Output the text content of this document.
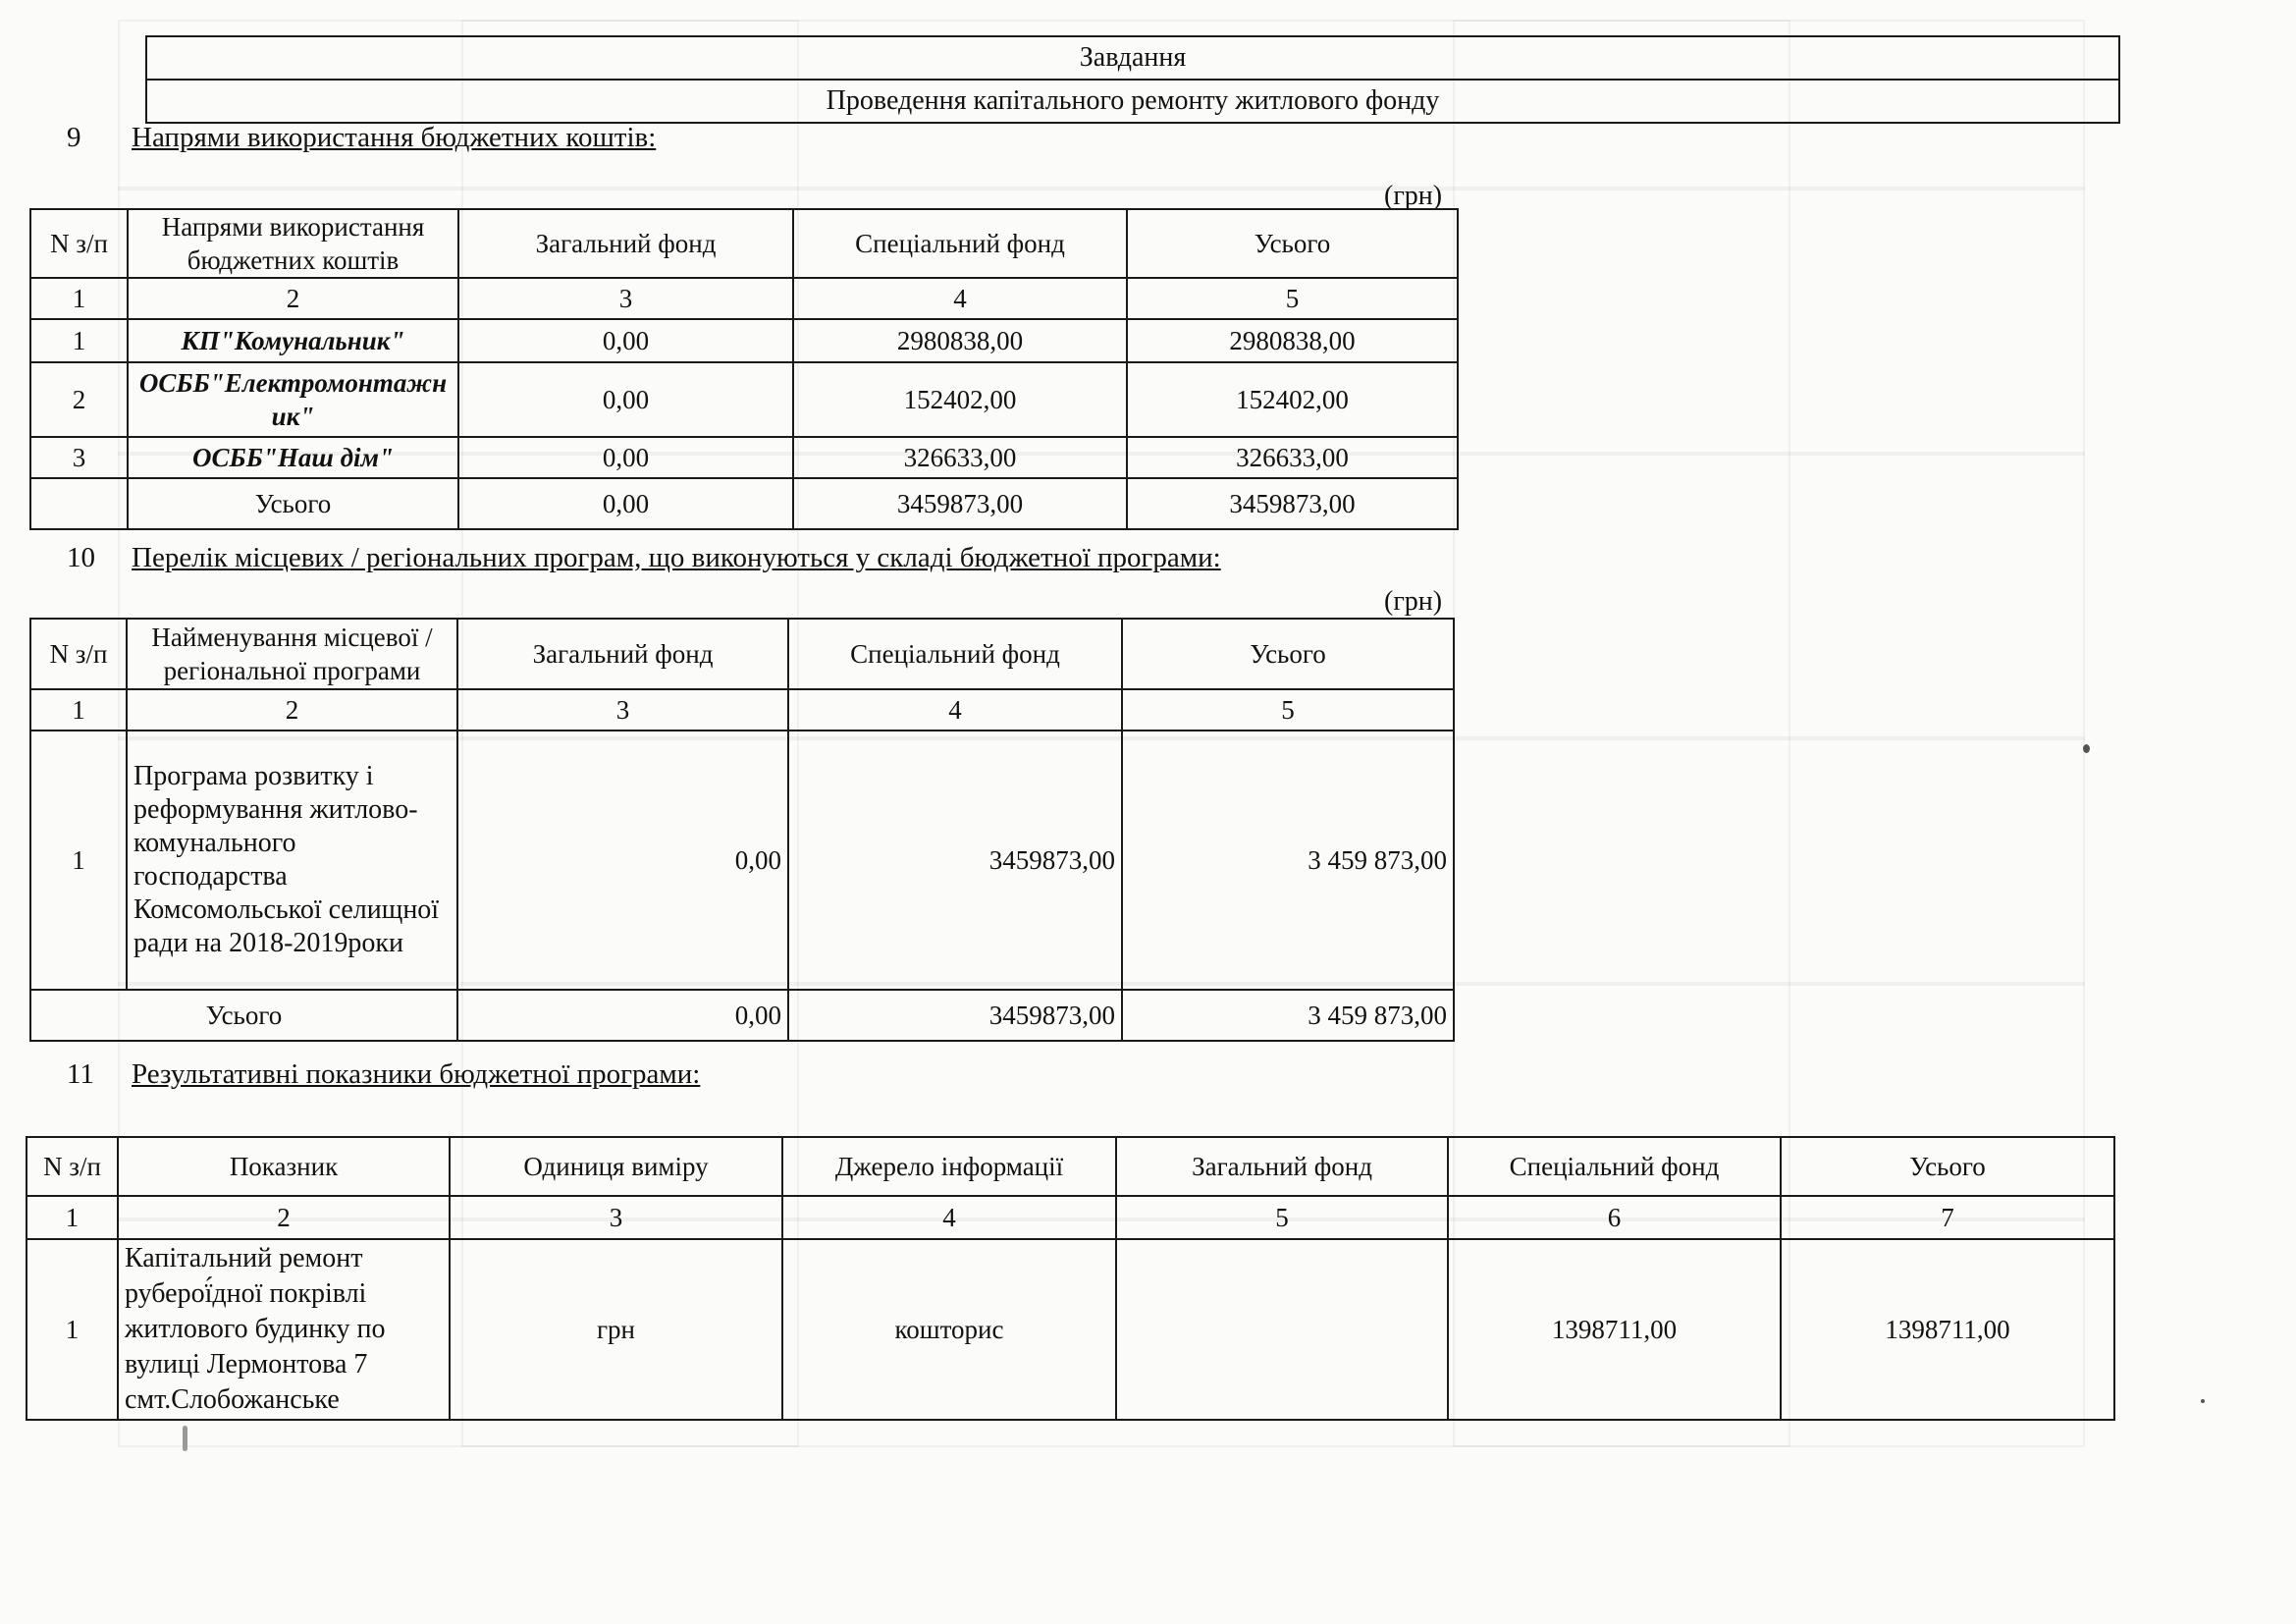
Завдання
Проведення капітального ремонту житлового фонду
9 Напрями використання бюджетних коштів:
(грн)
N з/п	Напрями використання бюджетних коштів	Загальний фонд	Спеціальний фонд	Усього
1	2	3	4	5
1	КП"Комунальник"	0,00	2980838,00	2980838,00
2	ОСББ"Електромонтажник"	0,00	152402,00	152402,00
3	ОСББ"Наш дім"	0,00	326633,00	326633,00
	Усього	0,00	3459873,00	3459873,00
10 Перелік місцевих / регіональних програм, що виконуються у складі бюджетної програми:
(грн)
N з/п	Найменування місцевої / регіональної програми	Загальний фонд	Спеціальний фонд	Усього
1	2	3	4	5
1	Програма розвитку і реформування житлово-комунального господарства Комсомольської селищної ради на 2018-2019роки	0,00	3459873,00	3 459 873,00
Усього		0,00	3459873,00	3 459 873,00
11 Результативні показники бюджетної програми:
N з/п	Показник	Одиниця виміру	Джерело інформації	Загальний фонд	Спеціальний фонд	Усього
1	2	3	4	5	6	7
1	Капітальний ремонт руберої́дної покрівлі житлового будинку по вулиці Лермонтова 7 смт.Слобожанське	грн	кошторис		1398711,00	1398711,00
